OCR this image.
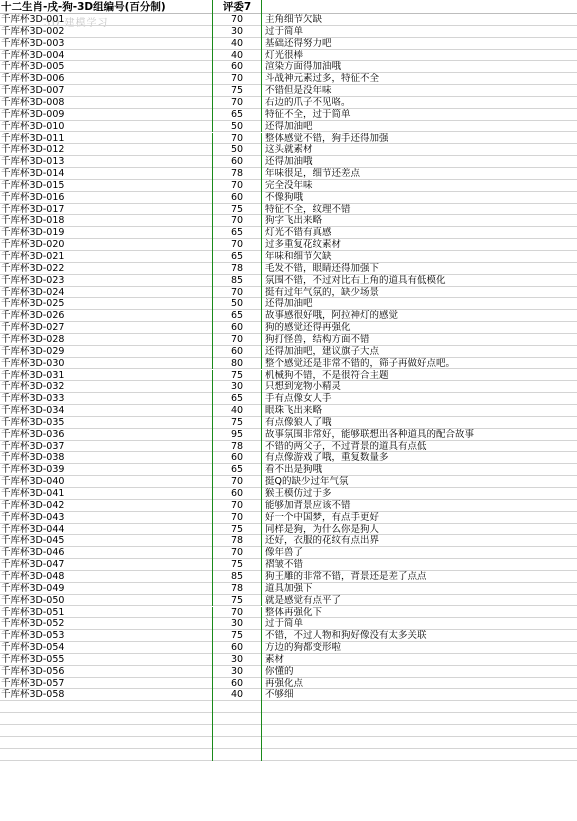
十二生肖-戌-狗-3D组编号(百分制)	评委7
3D 建模学习
千库杯3D-001	70	主角细节欠缺
千库杯3D-002	30	过于简单
千库杯3D-003	40	基础还得努力吧
千库杯3D-004	40	灯光很棒
千库杯3D-005	60	渲染方面得加油哦
千库杯3D-006	70	斗战神元素过多，特征不全
千库杯3D-007	75	不错但是没年味
千库杯3D-008	70	右边的爪子不见咯。
千库杯3D-009	65	特征不全，过于简单
千库杯3D-010	50	还得加油吧
千库杯3D-011	70	整体感觉不错，狗手还得加强
千库杯3D-012	50	这头就素材
千库杯3D-013	60	还得加油哦
千库杯3D-014	78	年味很足，细节还差点
千库杯3D-015	70	完全没年味
千库杯3D-016	60	不像狗哦
千库杯3D-017	75	特征不全，纹理不错
千库杯3D-018	70	狗字飞出来略
千库杯3D-019	65	灯光不错有真感
千库杯3D-020	70	过多重复花纹素材
千库杯3D-021	65	年味和细节欠缺
千库杯3D-022	78	毛发不错，眼睛还得加强下
千库杯3D-023	85	氛围不错，不过对比右上角的道具有低模化
千库杯3D-024	70	挺有过年气氛的，缺少场景
千库杯3D-025	50	还得加油吧
千库杯3D-026	65	故事感很好哦，阿拉神灯的感觉
千库杯3D-027	60	狗的感觉还得再强化
千库杯3D-028	70	狗打怪兽，结构方面不错
千库杯3D-029	60	还得加油吧，建议旗子大点
千库杯3D-030	80	整个感觉还是非常不错的，筛子再做好点吧。
千库杯3D-031	75	机械狗不错，不是很符合主题
千库杯3D-032	30	只想到宠物小精灵
千库杯3D-033	65	手有点像女人手
千库杯3D-034	40	眼珠飞出来略
千库杯3D-035	75	有点像狼人了哦
千库杯3D-036	95	故事氛围非常好，能够联想出各种道具的配合故事
千库杯3D-037	78	不错的两父子，不过背景的道具有点低
千库杯3D-038	60	有点像游戏了哦，重复数量多
千库杯3D-039	65	看不出是狗哦
千库杯3D-040	70	挺Q的缺少过年气氛
千库杯3D-041	60	猴王模仿过于多
千库杯3D-042	70	能够加背景应该不错
千库杯3D-043	70	好一个中国梦，有点手更好
千库杯3D-044	75	同样是狗，为什么你是狗人
千库杯3D-045	78	还好，衣服的花纹有点出界
千库杯3D-046	70	像年兽了
千库杯3D-047	75	褶皱不错
千库杯3D-048	85	狗王雕的非常不错，背景还是差了点点
千库杯3D-049	78	道具加强下
千库杯3D-050	75	就是感觉有点平了
千库杯3D-051	70	整体再强化下
千库杯3D-052	30	过于简单
千库杯3D-053	75	不错，不过人物和狗好像没有太多关联
千库杯3D-054	60	方边的狗都变形啦
千库杯3D-055	30	素材
千库杯3D-056	30	你懂的
千库杯3D-057	60	再强化点
千库杯3D-058	40	不够细
